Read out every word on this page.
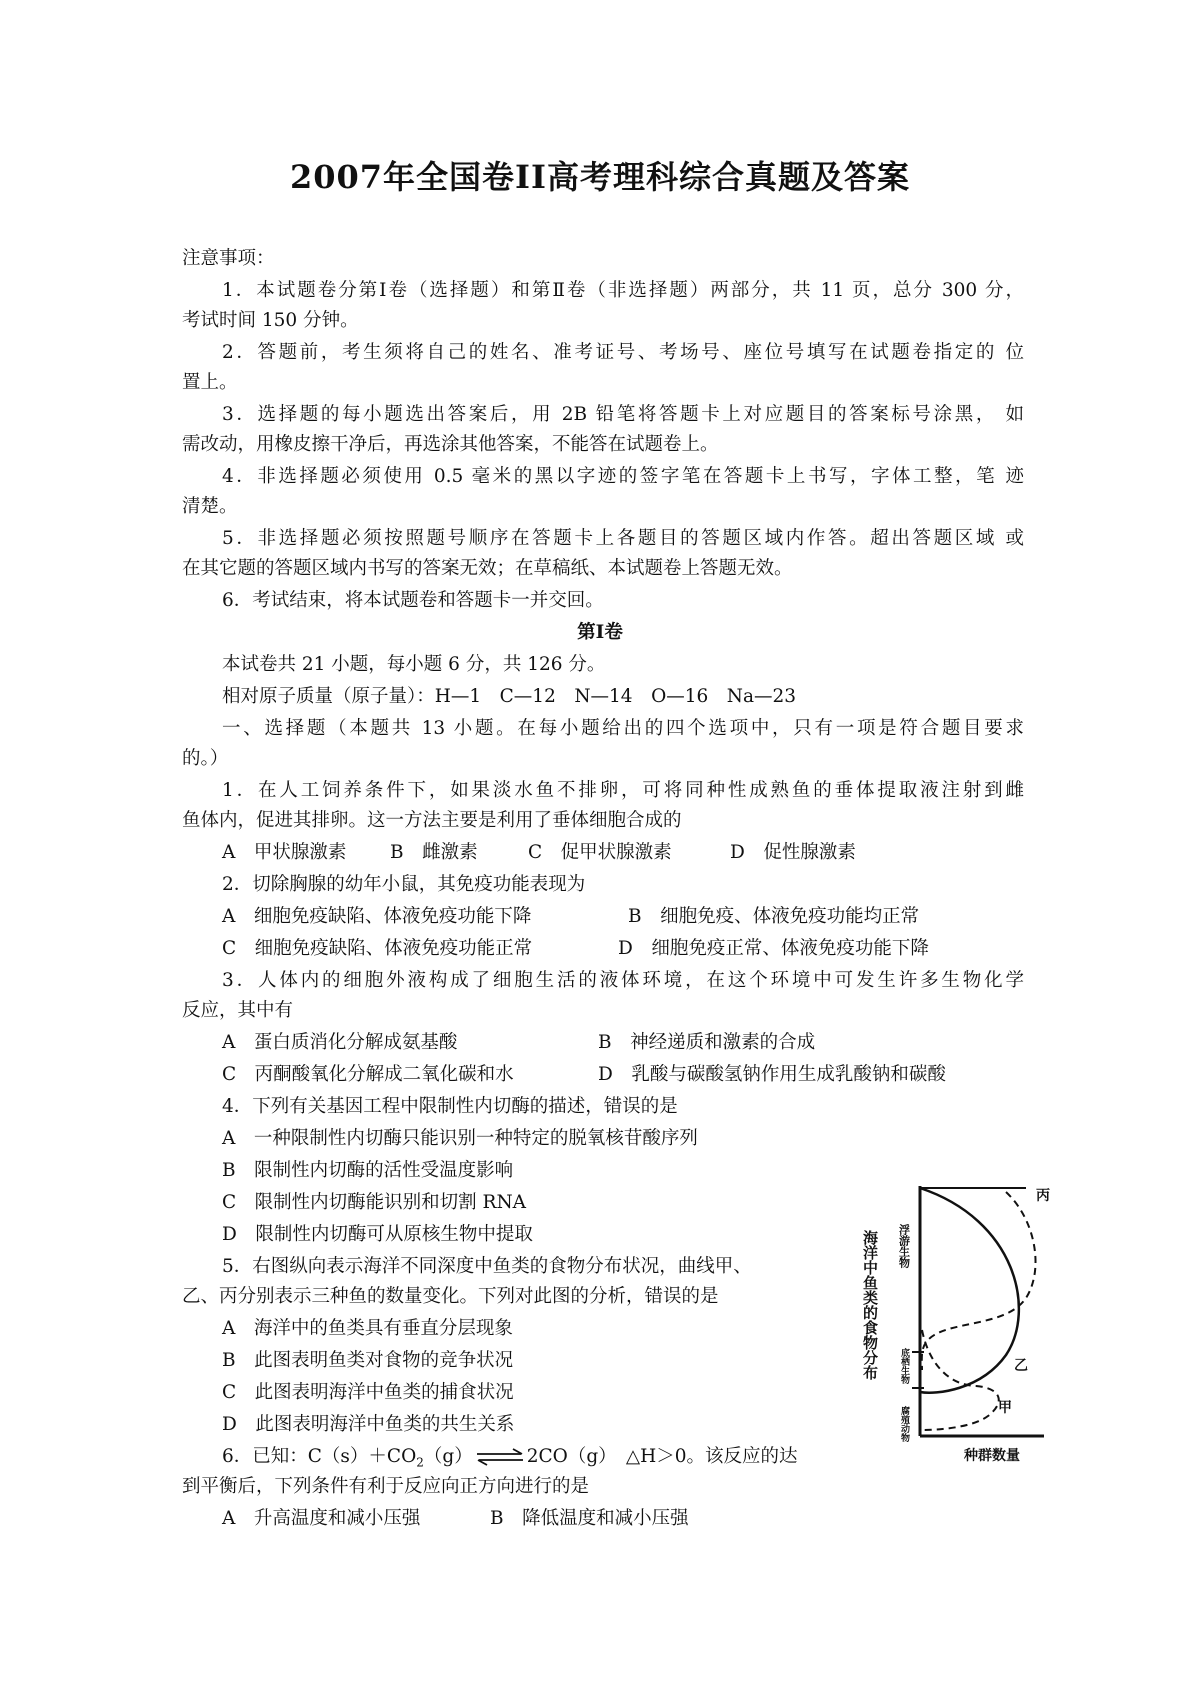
2007年全国卷II高考理科综合真题及答案
注意事项：
1．本试题卷分第Ⅰ卷（选择题）和第Ⅱ卷（非选择题）两部分，共 11 页，总分 300 分，
考试时间 150 分钟。
2．答题前，考生须将自己的姓名、准考证号、考场号、座位号填写在试题卷指定的 位
置上。
3．选择题的每小题选出答案后，用 2B 铅笔将答题卡上对应题目的答案标号涂黑， 如
需改动，用橡皮擦干净后，再选涂其他答案，不能答在试题卷上。
4．非选择题必须使用 0.5 毫米的黑以字迹的签字笔在答题卡上书写，字体工整，笔 迹
清楚。
5．非选择题必须按照题号顺序在答题卡上各题目的答题区域内作答。超出答题区域 或
在其它题的答题区域内书写的答案无效；在草稿纸、本试题卷上答题无效。
6．考试结束，将本试题卷和答题卡一并交回。
第Ⅰ卷
本试卷共 21 小题，每小题 6 分，共 126 分。
相对原子质量（原子量）：H—1　C—12　N—14　O—16　Na—23
一、选择题（本题共 13 小题。在每小题给出的四个选项中，只有一项是符合题目要求
的。）
1．在人工饲养条件下，如果淡水鱼不排卵，可将同种性成熟鱼的垂体提取液注射到雌
鱼体内，促进其排卵。这一方法主要是利用了垂体细胞合成的
A　甲状腺激素 B　雌激素	C　促甲状腺激素	D　促性腺激素
2．切除胸腺的幼年小鼠，其免疫功能表现为
A　细胞免疫缺陷、体液免疫功能下降	B　细胞免疫、体液免疫功能均正常
C　细胞免疫缺陷、体液免疫功能正常	D　细胞免疫正常、体液免疫功能下降
3．人体内的细胞外液构成了细胞生活的液体环境，在这个环境中可发生许多生物化学
反应，其中有
A　蛋白质消化分解成氨基酸	B　神经递质和激素的合成
C　丙酮酸氧化分解成二氧化碳和水	D　乳酸与碳酸氢钠作用生成乳酸钠和碳酸
4．下列有关基因工程中限制性内切酶的描述，错误的是
A　一种限制性内切酶只能识别一种特定的脱氧核苷酸序列
B　限制性内切酶的活性受温度影响
C　限制性内切酶能识别和切割 RNA
D　限制性内切酶可从原核生物中提取
5．右图纵向表示海洋不同深度中鱼类的食物分布状况，曲线甲、
乙、丙分别表示三种鱼的数量变化。下列对此图的分析，错误的是
A　海洋中的鱼类具有垂直分层现象
B　此图表明鱼类对食物的竞争状况
C　此图表明海洋中鱼类的捕食状况
D　此图表明海洋中鱼类的共生关系
6．已知：$C(s)+CO_2(g)$ ⇌ 2CO（g）　△H＞0。该反应的达
到平衡后，下列条件有利于反应向正方向进行的是
A　升高温度和减小压强	B　降低温度和减小压强
海洋中鱼类的食物分布 浮游生物
底栖生物
腐殖动物
丙
乙
甲
种群数量
